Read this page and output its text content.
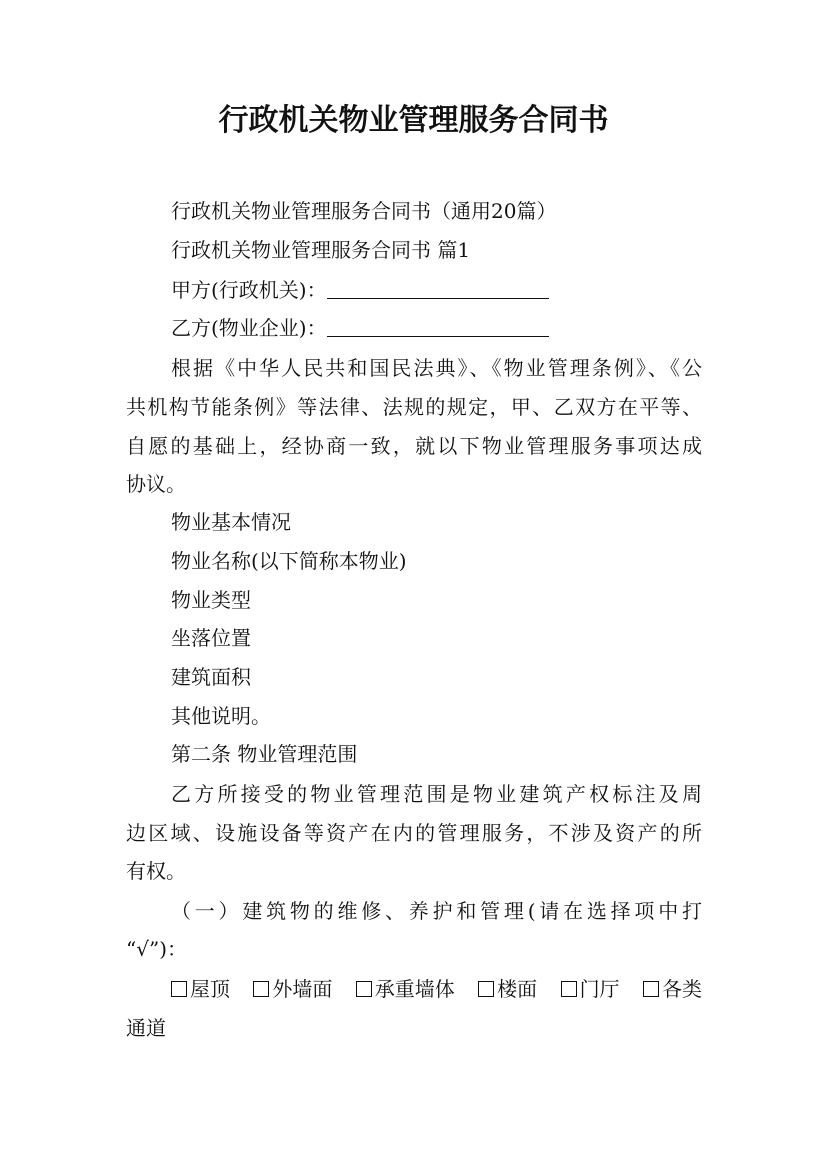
行政机关物业管理服务合同书
行政机关物业管理服务合同书（通用20篇）
行政机关物业管理服务合同书 篇1
甲方(行政机关)：
乙方(物业企业)：
根据《中华人民共和国民法典》、《物业管理条例》、《公
共机构节能条例》等法律、法规的规定，甲、乙双方在平等、
自愿的基础上，经协商一致，就以下物业管理服务事项达成
协议。
物业基本情况
物业名称(以下简称本物业)
物业类型
坐落位置
建筑面积
其他说明。
第二条 物业管理范围
乙方所接受的物业管理范围是物业建筑产权标注及周
边区域、设施设备等资产在内的管理服务，不涉及资产的所
有权。
（一）建筑物的维修、养护和管理(请在选择项中打
“√”)：
屋顶 外墙面 承重墙体 楼面 门厅 各类
通道
